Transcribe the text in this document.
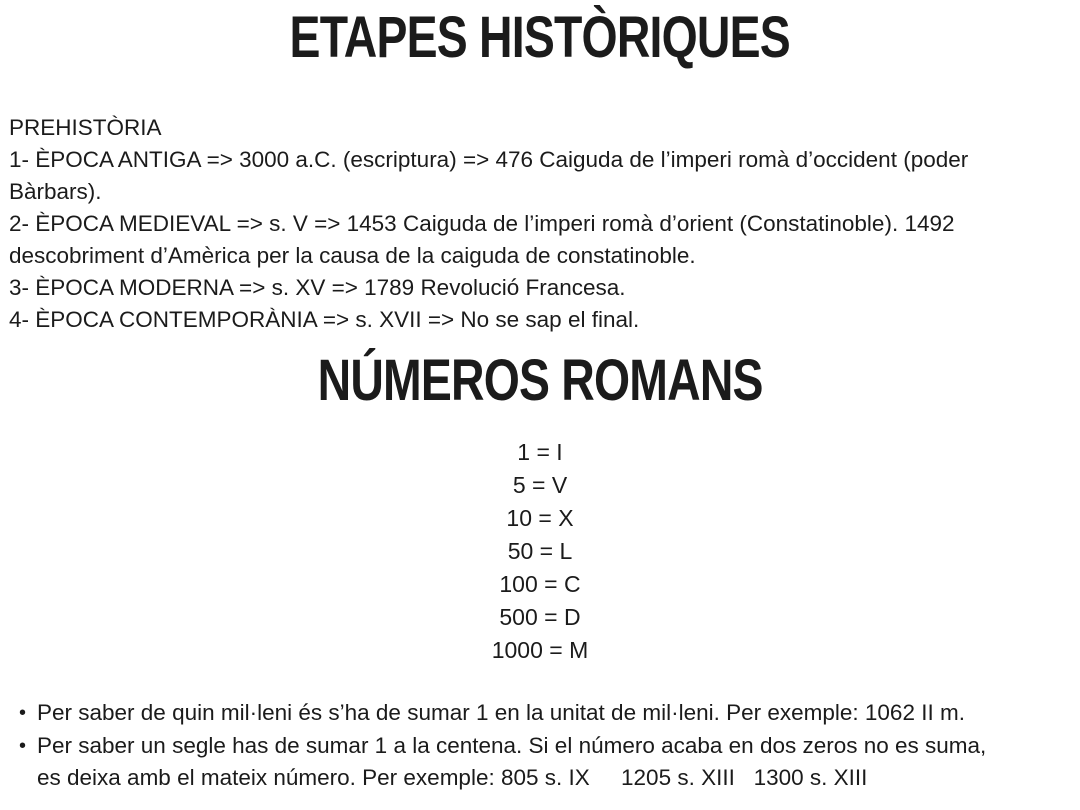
ETAPES HISTÒRIQUES
PREHISTÒRIA
1- ÈPOCA ANTIGA => 3000 a.C. (escriptura) => 476 Caiguda de l’imperi romà d’occident (poder
Bàrbars).
2- ÈPOCA MEDIEVAL => s. V => 1453 Caiguda de l’imperi romà d’orient (Constatinoble). 1492
descobriment d’Amèrica per la causa de la caiguda de constatinoble.
3- ÈPOCA MODERNA => s. XV => 1789 Revolució Francesa.
4- ÈPOCA CONTEMPORÀNIA => s. XVII => No se sap el final.
NÚMEROS ROMANS
1 = I
5 = V
10 = X
50 = L
100 = C
500 = D
1000 = M
• Per saber de quin mil·leni és s’ha de sumar 1 en la unitat de mil·leni. Per exemple: 1062 II m.
• Per saber un segle has de sumar 1 a la centena. Si el número acaba en dos zeros no es suma,
es deixa amb el mateix número. Per exemple: 805 s. IX     1205 s. XIII   1300 s. XIII
